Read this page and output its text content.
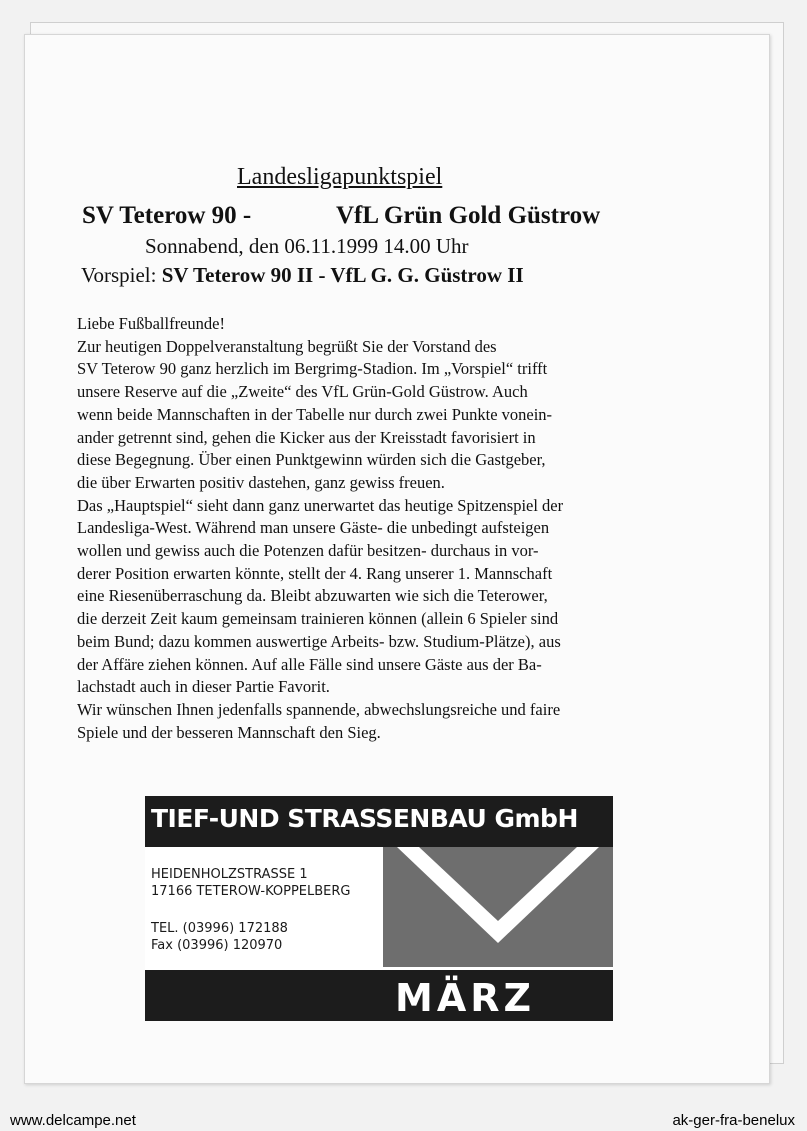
Landesligapunktspiel
SV Teterow 90 -	VfL Grün Gold Güstrow
Sonnabend, den 06.11.1999 14.00 Uhr
Vorspiel: SV Teterow 90 II - VfL G. G. Güstrow II
Liebe Fußballfreunde!
Zur heutigen Doppelveranstaltung begrüßt Sie der Vorstand des
SV Teterow 90 ganz herzlich im Bergrimg-Stadion. Im „Vorspiel“ trifft
unsere Reserve auf die „Zweite“ des VfL Grün-Gold Güstrow. Auch
wenn beide Mannschaften in der Tabelle nur durch zwei Punkte vonein-
ander getrennt sind, gehen die Kicker aus der Kreisstadt favorisiert in
diese Begegnung. Über einen Punktgewinn würden sich die Gastgeber,
die über Erwarten positiv dastehen, ganz gewiss freuen.
Das „Hauptspiel“ sieht dann ganz unerwartet das heutige Spitzenspiel der
Landesliga-West. Während man unsere Gäste- die unbedingt aufsteigen
wollen und gewiss auch die Potenzen dafür besitzen- durchaus in vor-
derer Position erwarten könnte, stellt der 4. Rang unserer 1. Mannschaft
eine Riesenüberraschung da. Bleibt abzuwarten wie sich die Teterower,
die derzeit Zeit kaum gemeinsam trainieren können (allein 6 Spieler sind
beim Bund; dazu kommen auswertige Arbeits- bzw. Studium-Plätze), aus
der Affäre ziehen können. Auf alle Fälle sind unsere Gäste aus der Ba-
lachstadt auch in dieser Partie Favorit.
Wir wünschen Ihnen jedenfalls spannende, abwechslungsreiche und faire
Spiele und der besseren Mannschaft den Sieg.
TIEF-UND STRASSENBAU GmbH
HEIDENHOLZSTRASSE 1
17166 TETEROW-KOPPELBERG
TEL. (03996) 172188
Fax (03996) 120970
MÄRZ
www.delcampe.net	ak-ger-fra-benelux
